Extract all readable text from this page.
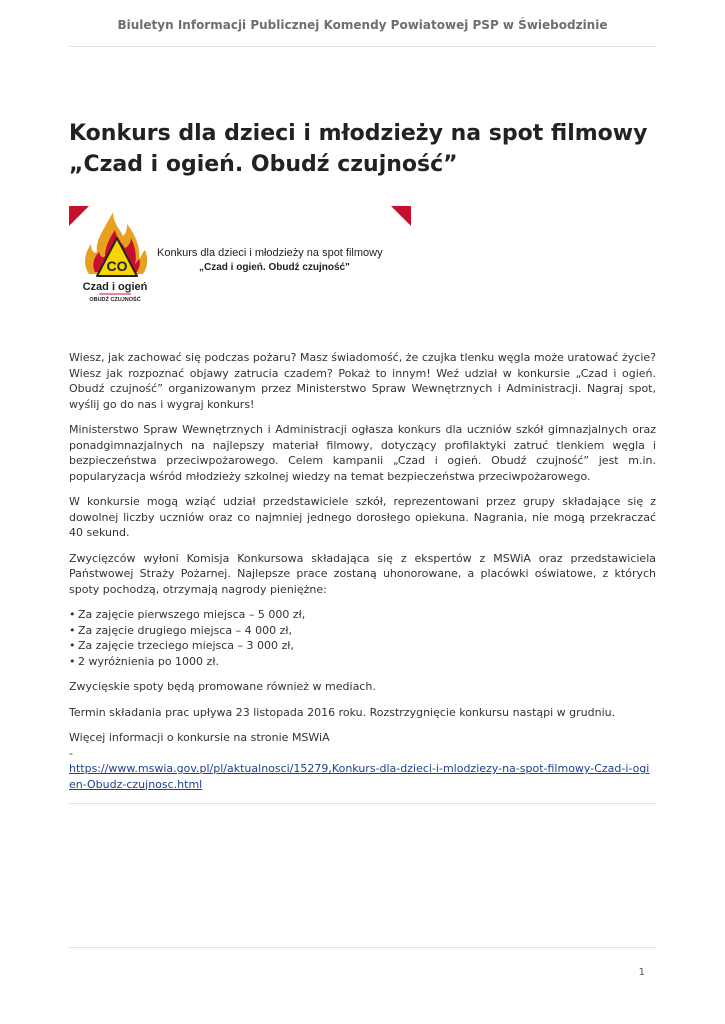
Biuletyn Informacji Publicznej Komendy Powiatowej PSP w Świebodzinie
Konkurs dla dzieci i młodzieży na spot filmowy
„Czad i ogień. Obudź czujność”
CO
Czad i ogień
OBUDŹ CZUJNOŚĆ
Konkurs dla dzieci i młodzieży na spot filmowy
„Czad i ogień. Obudź czujność"

Wiesz, jak zachować się podczas pożaru? Masz świadomość, że czujka tlenku węgla może uratować życie? Wiesz jak rozpoznać objawy zatrucia czadem? Pokaż to innym! Weź udział w konkursie „Czad i ogień. Obudź czujność” organizowanym przez Ministerstwo Spraw Wewnętrznych i Administracji. Nagraj spot, wyślij go do nas i wygraj konkurs!

Ministerstwo Spraw Wewnętrznych i Administracji ogłasza konkurs dla uczniów szkół gimnazjalnych oraz ponadgimnazjalnych na najlepszy materiał filmowy, dotyczący profilaktyki zatruć tlenkiem węgla i bezpieczeństwa przeciwpożarowego. Celem kampanii „Czad i ogień. Obudź czujność” jest m.in. popularyzacja wśród młodzieży szkolnej wiedzy na temat bezpieczeństwa przeciwpożarowego.

W konkursie mogą wziąć udział przedstawiciele szkół, reprezentowani przez grupy składające się z dowolnej liczby uczniów oraz co najmniej jednego dorosłego opiekuna. Nagrania, nie mogą przekraczać 40 sekund.

Zwycięzców wyłoni Komisja Konkursowa składająca się z ekspertów z MSWiA oraz przedstawiciela Państwowej Straży Pożarnej. Najlepsze prace zostaną uhonorowane, a placówki oświatowe, z których spoty pochodzą, otrzymają nagrody pieniężne:

• Za zajęcie pierwszego miejsca – 5 000 zł,
• Za zajęcie drugiego miejsca – 4 000 zł,
• Za zajęcie trzeciego miejsca – 3 000 zł,
• 2 wyróżnienia po 1000 zł.

Zwycięskie spoty będą promowane również w mediach.

Termin składania prac upływa 23 listopada 2016 roku. Rozstrzygnięcie konkursu nastąpi w grudniu.

Więcej informacji o konkursie na stronie MSWiA

-
https://www.mswia.gov.pl/pl/aktualnosci/15279,Konkurs-dla-dzieci-i-mlodziezy-na-spot-filmowy-Czad-i-ogien-Obudz-czujnosc.html

1
